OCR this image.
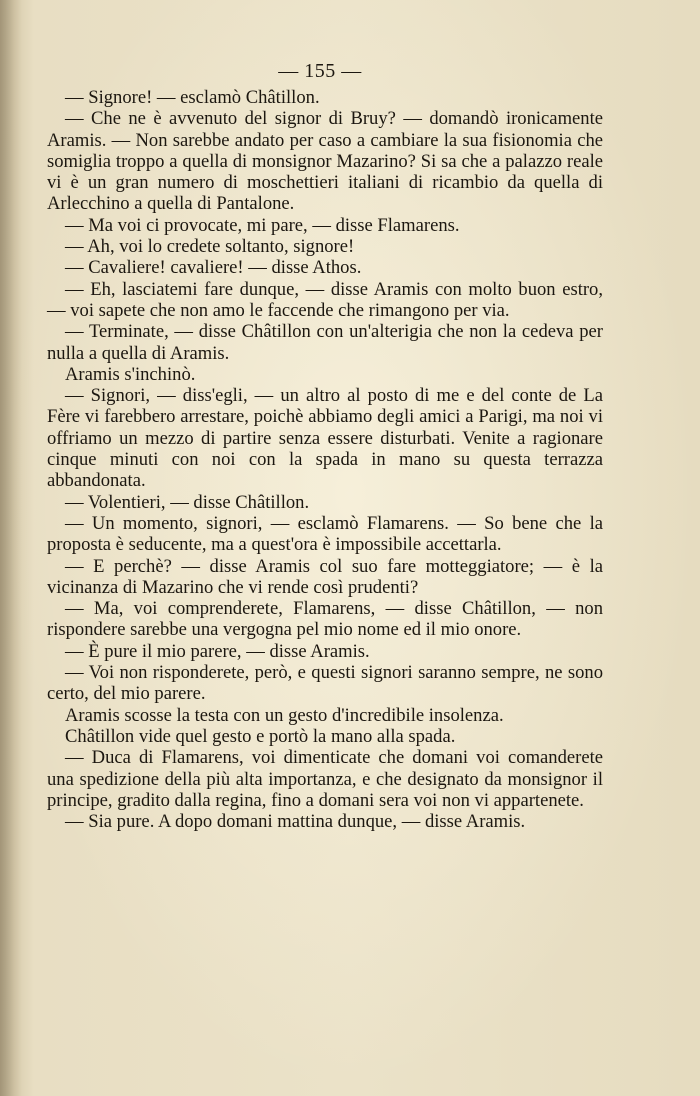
— 155 —

— Signore! — esclamò Châtillon.

— Che ne è avvenuto del signor di Bruy? — domandò ironicamente Aramis. — Non sarebbe andato per caso a cambiare la sua fisionomia che somiglia troppo a quella di monsignor Mazarino? Si sa che a palazzo reale vi è un gran numero di moschettieri italiani di ricambio da quella di Arlecchino a quella di Pantalone.

— Ma voi ci provocate, mi pare, — disse Flamarens.

— Ah, voi lo credete soltanto, signore!

— Cavaliere! cavaliere! — disse Athos.

— Eh, lasciatemi fare dunque, — disse Aramis con molto buon estro, — voi sapete che non amo le faccende che rimangono per via.

— Terminate, — disse Châtillon con un'alterigia che non la cedeva per nulla a quella di Aramis.

Aramis s'inchinò.

— Signori, — diss'egli, — un altro al posto di me e del conte de La Fère vi farebbero arrestare, poichè abbiamo degli amici a Parigi, ma noi vi offriamo un mezzo di partire senza essere disturbati. Venite a ragionare cinque minuti con noi con la spada in mano su questa terrazza abbandonata.

— Volentieri, — disse Châtillon.

— Un momento, signori, — esclamò Flamarens. — So bene che la proposta è seducente, ma a quest'ora è impossibile accettarla.

— E perchè? — disse Aramis col suo fare motteggiatore; — è la vicinanza di Mazarino che vi rende così prudenti?

— Ma, voi comprenderete, Flamarens, — disse Châtillon, — non rispondere sarebbe una vergogna pel mio nome ed il mio onore.

— È pure il mio parere, — disse Aramis.

— Voi non risponderete, però, e questi signori saranno sempre, ne sono certo, del mio parere.

Aramis scosse la testa con un gesto d'incredibile insolenza.

Châtillon vide quel gesto e portò la mano alla spada.

— Duca di Flamarens, voi dimenticate che domani voi comanderete una spedizione della più alta importanza, e che designato da monsignor il principe, gradito dalla regina, fino a domani sera voi non vi appartenete.

— Sia pure. A dopo domani mattina dunque, — disse Aramis.
